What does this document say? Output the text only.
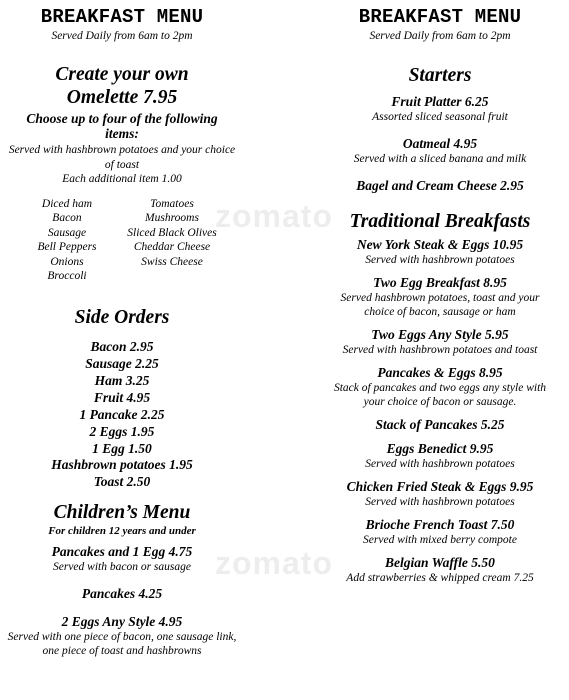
BREAKFAST MENU
Served Daily from 6am to 2pm
Create your own
Omelette 7.95
Choose up to four of the following items:
Served with hashbrown potatoes and your choice of toast
Each additional item 1.00
Diced ham
Bacon
Sausage
Bell Peppers
Onions
Broccoli
Tomatoes
Mushrooms
Sliced Black Olives
Cheddar Cheese
Swiss Cheese
Side Orders
Bacon 2.95
Sausage 2.25
Ham 3.25
Fruit 4.95
1 Pancake 2.25
2 Eggs 1.95
1 Egg 1.50
Hashbrown potatoes 1.95
Toast 2.50
Children’s Menu
For children 12 years and under
Pancakes and 1 Egg 4.75
Served with bacon or sausage
Pancakes 4.25
2 Eggs Any Style 4.95
Served with one piece of bacon, one sausage link, one piece of toast and hashbrowns
BREAKFAST MENU
Served Daily from 6am to 2pm
Starters
Fruit Platter 6.25
Assorted sliced seasonal fruit
Oatmeal 4.95
Served with a sliced banana and milk
Bagel and Cream Cheese 2.95
Traditional Breakfasts
New York Steak & Eggs 10.95
Served with hashbrown potatoes
Two Egg Breakfast 8.95
Served hashbrown potatoes, toast and your choice of bacon, sausage or ham
Two Eggs Any Style 5.95
Served with hashbrown potatoes and toast
Pancakes & Eggs 8.95
Stack of pancakes and two eggs any style with your choice of bacon or sausage.
Stack of Pancakes 5.25
Eggs Benedict 9.95
Served with hashbrown potatoes
Chicken Fried Steak & Eggs 9.95
Served with hashbrown potatoes
Brioche French Toast 7.50
Served with mixed berry compote
Belgian Waffle 5.50
Add strawberries & whipped cream 7.25
zomato
zomato
